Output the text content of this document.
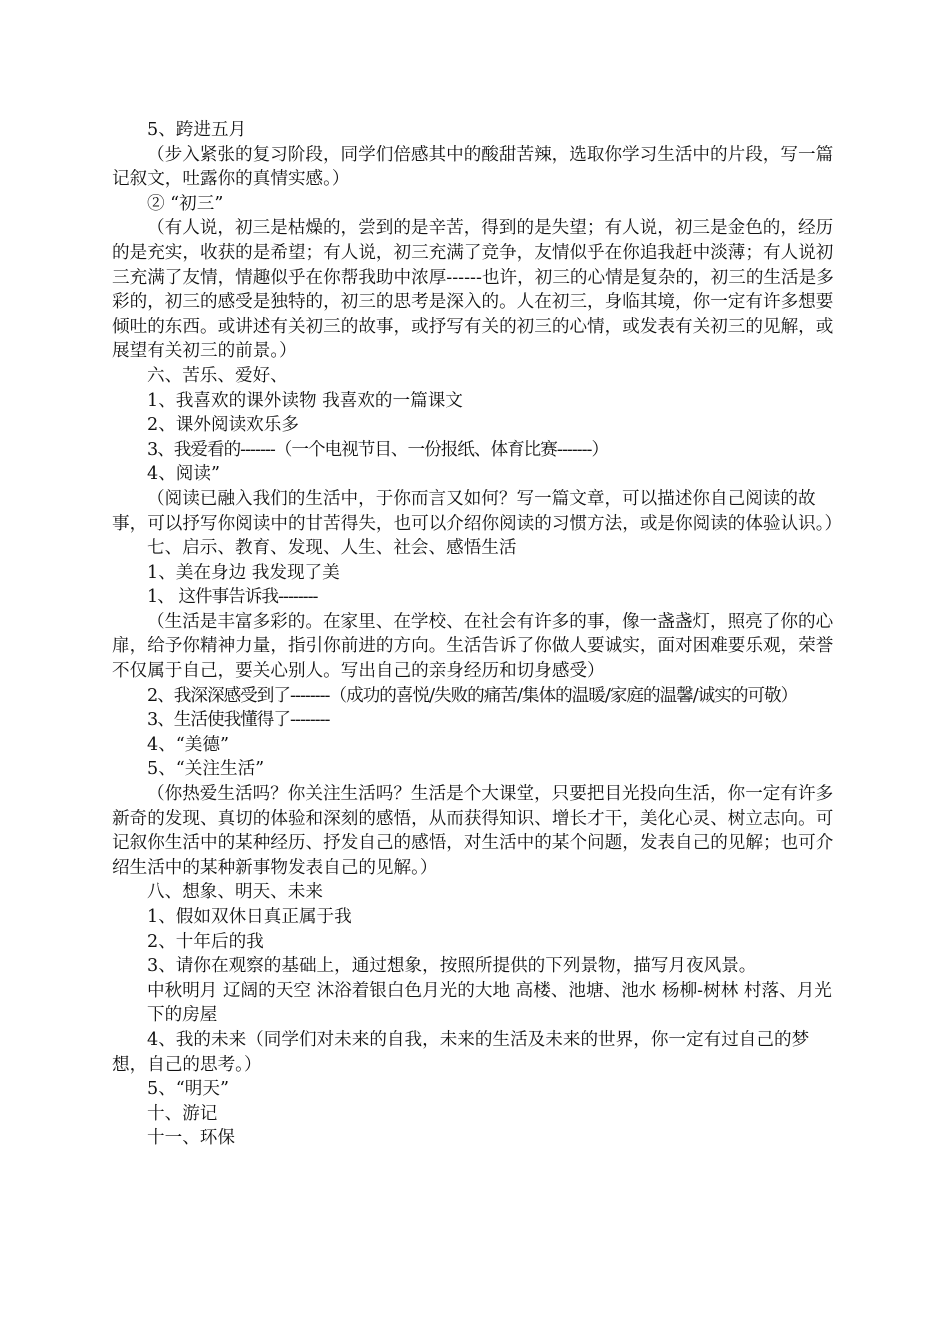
5、跨进五月

（步入紧张的复习阶段，同学们倍感其中的酸甜苦辣，选取你学习生活中的片段，写一篇记叙文，吐露你的真情实感。）

② “初三”

（有人说，初三是枯燥的，尝到的是辛苦，得到的是失望；有人说，初三是金色的，经历的是充实，收获的是希望；有人说，初三充满了竞争，友情似乎在你追我赶中淡薄；有人说初三充满了友情，情趣似乎在你帮我助中浓厚------也许，初三的心情是复杂的，初三的生活是多彩的，初三的感受是独特的，初三的思考是深入的。人在初三，身临其境，你一定有许多想要倾吐的东西。或讲述有关初三的故事，或抒写有关的初三的心情，或发表有关初三的见解，或展望有关初三的前景。）

六、苦乐、爱好、

1、我喜欢的课外读物 我喜欢的一篇课文

2、课外阅读欢乐多

3、我爱看的-------（一个电视节目、一份报纸、体育比赛-------）

4、阅读”

（阅读已融入我们的生活中，于你而言又如何？写一篇文章，可以描述你自己阅读的故事，可以抒写你阅读中的甘苦得失，也可以介绍你阅读的习惯方法，或是你阅读的体验认识。）

七、启示、教育、发现、人生、社会、感悟生活

1、美在身边 我发现了美

1、 这件事告诉我--------

（生活是丰富多彩的。在家里、在学校、在社会有许多的事，像一盏盏灯，照亮了你的心扉，给予你精神力量，指引你前进的方向。生活告诉了你做人要诚实，面对困难要乐观，荣誉不仅属于自己，要关心别人。写出自己的亲身经历和切身感受）

2、我深深感受到了--------（成功的喜悦/失败的痛苦/集体的温暖/家庭的温馨/诚实的可敬）

3、生活使我懂得了--------

4、“美德”

5、“关注生活”

（你热爱生活吗？你关注生活吗？生活是个大课堂，只要把目光投向生活，你一定有许多新奇的发现、真切的体验和深刻的感悟，从而获得知识、增长才干，美化心灵、树立志向。可记叙你生活中的某种经历、抒发自己的感悟，对生活中的某个问题，发表自己的见解；也可介绍生活中的某种新事物发表自己的见解。）

八、想象、明天、未来

1、假如双休日真正属于我

2、十年后的我

3、请你在观察的基础上，通过想象，按照所提供的下列景物，描写月夜风景。

中秋明月 辽阔的天空 沐浴着银白色月光的大地 高楼、池塘、池水 杨柳-树林 村落、月光下的房屋

4、我的未来（同学们对未来的自我，未来的生活及未来的世界，你一定有过自己的梦想，自己的思考。）

5、“明天”

十、游记

十一、环保
